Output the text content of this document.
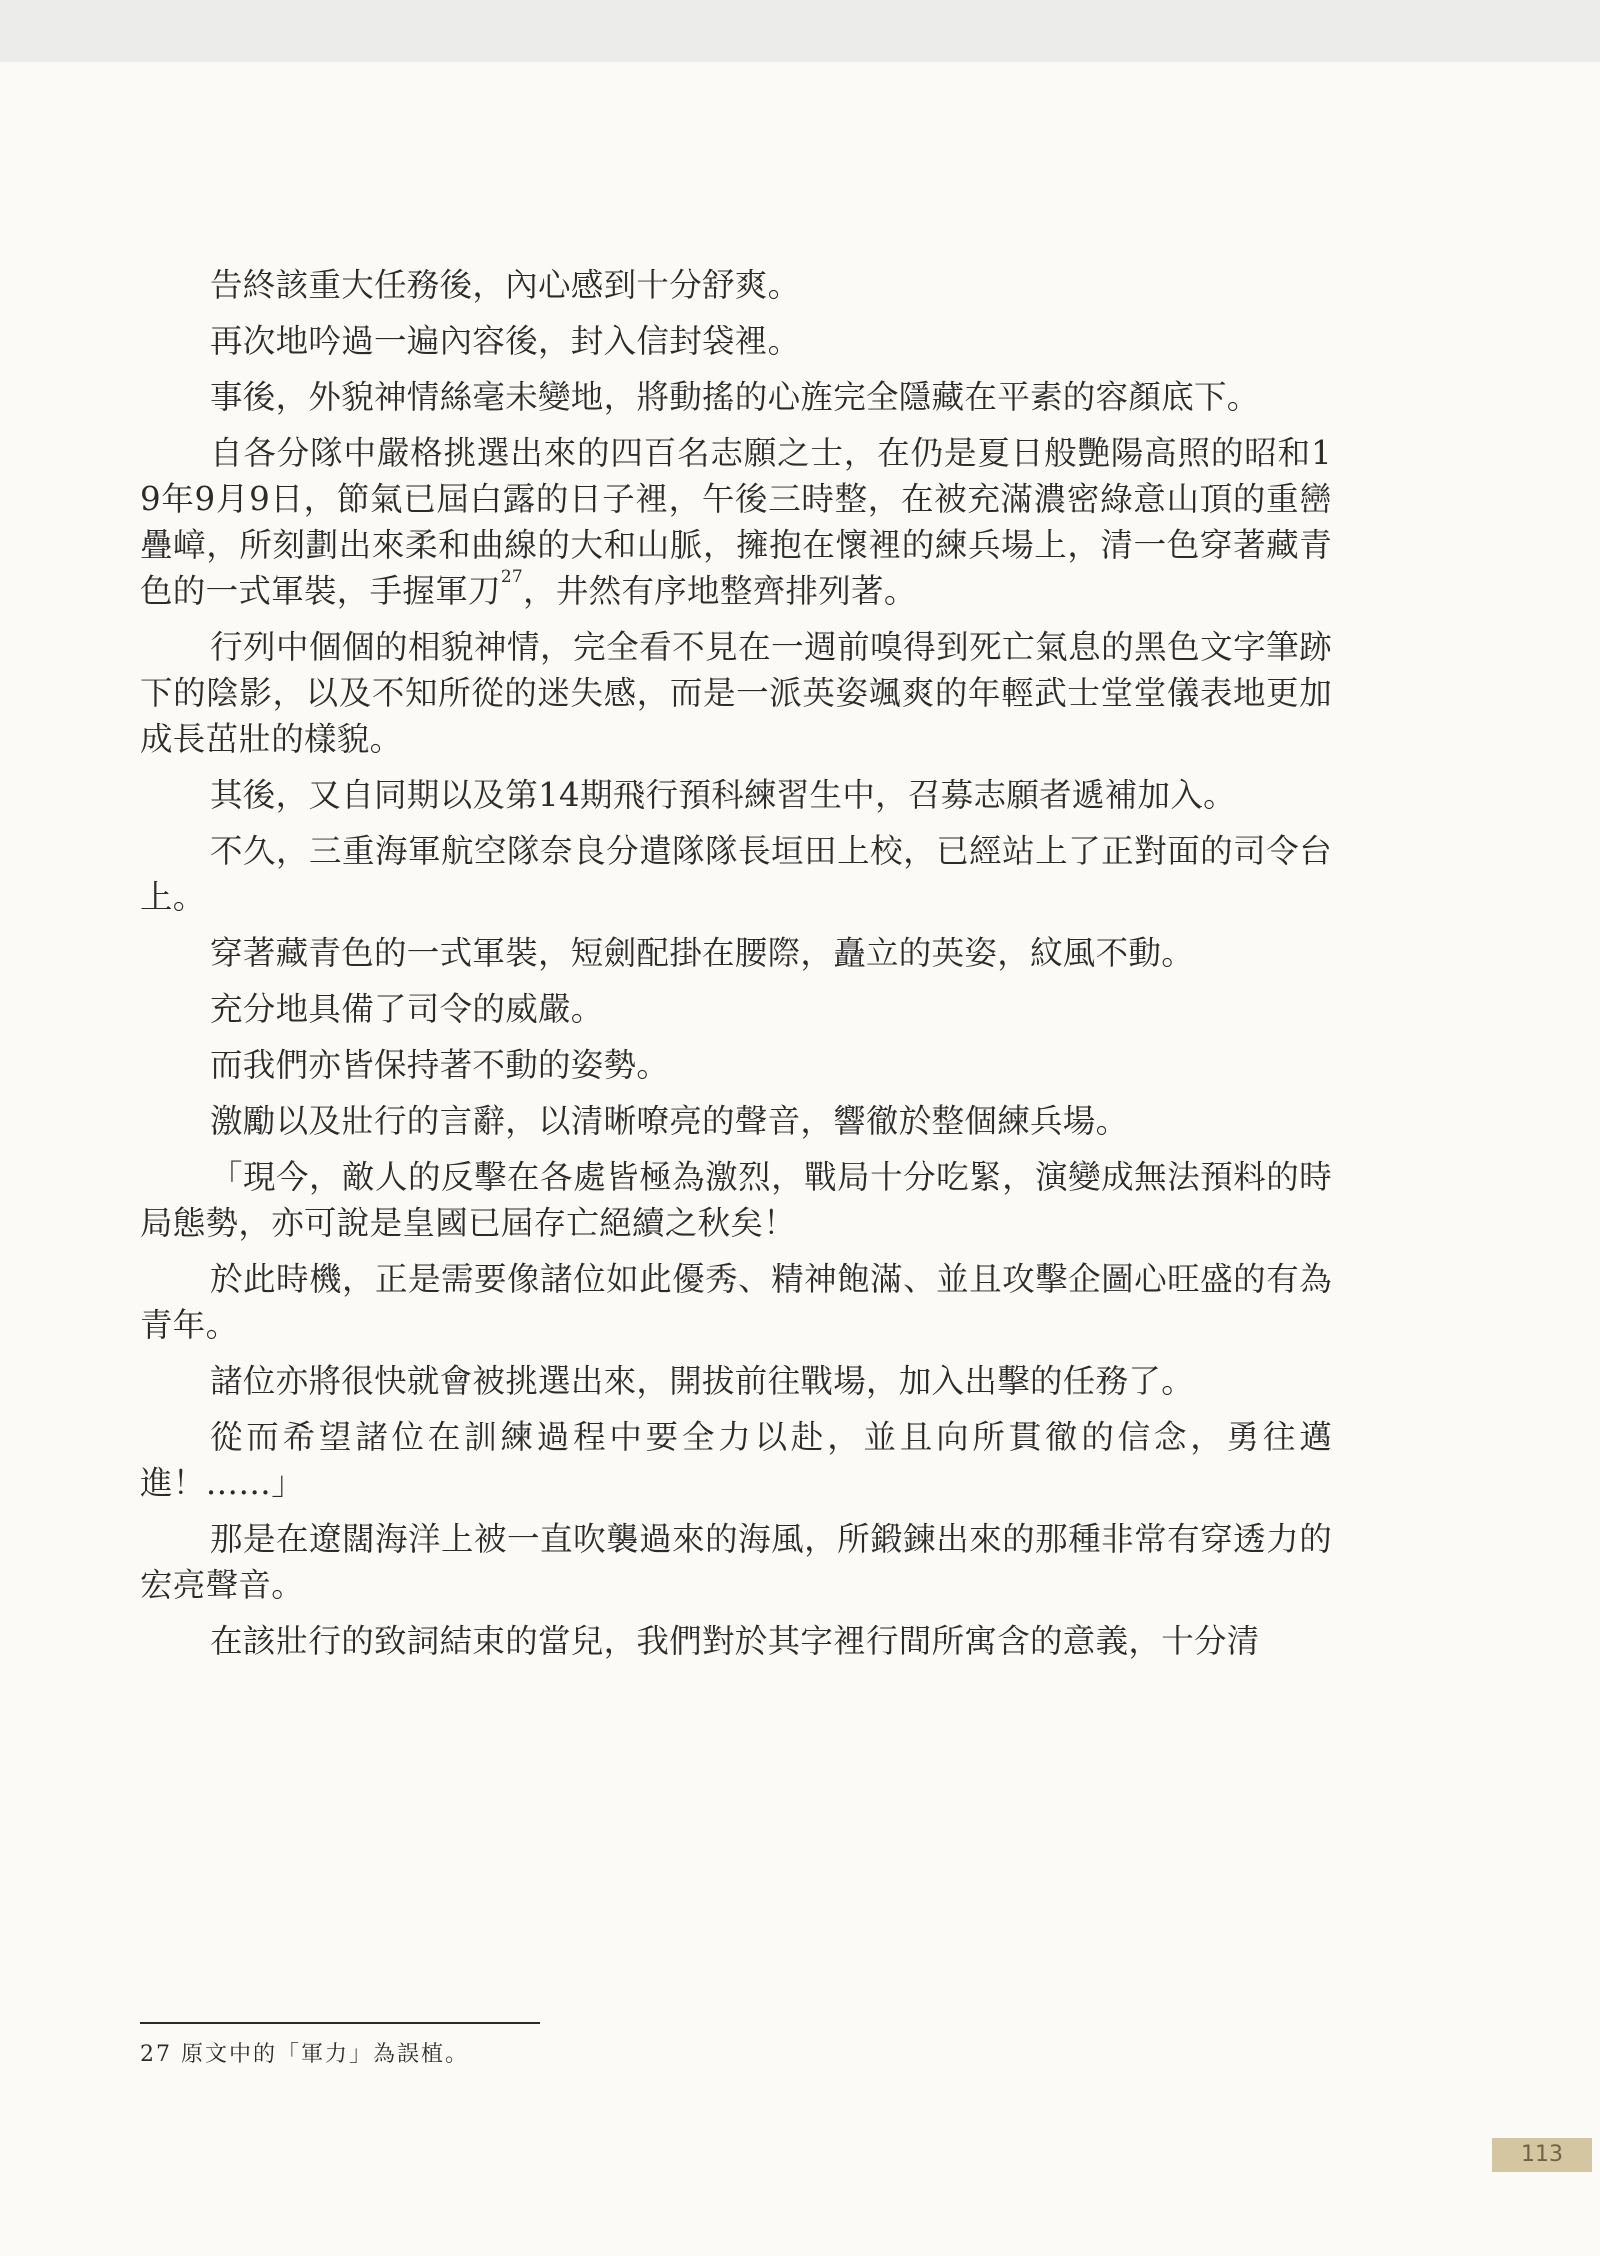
告終該重大任務後，內心感到十分舒爽。

再次地吟過一遍內容後，封入信封袋裡。

事後，外貌神情絲毫未變地，將動搖的心旌完全隱藏在平素的容顏底下。

自各分隊中嚴格挑選出來的四百名志願之士，在仍是夏日般艷陽高照的昭和19年9月9日，節氣已屆白露的日子裡，午後三時整，在被充滿濃密綠意山頂的重巒疊嶂，所刻劃出來柔和曲線的大和山脈，擁抱在懷裡的練兵場上，清一色穿著藏青色的一式軍裝，手握軍刀$^{27}$，井然有序地整齊排列著。

行列中個個的相貌神情，完全看不見在一週前嗅得到死亡氣息的黑色文字筆跡下的陰影，以及不知所從的迷失感，而是一派英姿颯爽的年輕武士堂堂儀表地更加成長茁壯的樣貌。

其後，又自同期以及第14期飛行預科練習生中，召募志願者遞補加入。

不久，三重海軍航空隊奈良分遣隊隊長垣田上校，已經站上了正對面的司令台上。

穿著藏青色的一式軍裝，短劍配掛在腰際，矗立的英姿，紋風不動。

充分地具備了司令的威嚴。

而我們亦皆保持著不動的姿勢。

激勵以及壯行的言辭，以清晰嘹亮的聲音，響徹於整個練兵場。

「現今，敵人的反擊在各處皆極為激烈，戰局十分吃緊，演變成無法預料的時局態勢，亦可說是皇國已屆存亡絕續之秋矣！

於此時機，正是需要像諸位如此優秀、精神飽滿、並且攻擊企圖心旺盛的有為青年。

諸位亦將很快就會被挑選出來，開拔前往戰場，加入出擊的任務了。

從而希望諸位在訓練過程中要全力以赴，並且向所貫徹的信念，勇往邁進！……」

那是在遼闊海洋上被一直吹襲過來的海風，所鍛鍊出來的那種非常有穿透力的宏亮聲音。

在該壯行的致詞結束的當兒，我們對於其字裡行間所寓含的意義，十分清

27 原文中的「軍力」為誤植。
113
